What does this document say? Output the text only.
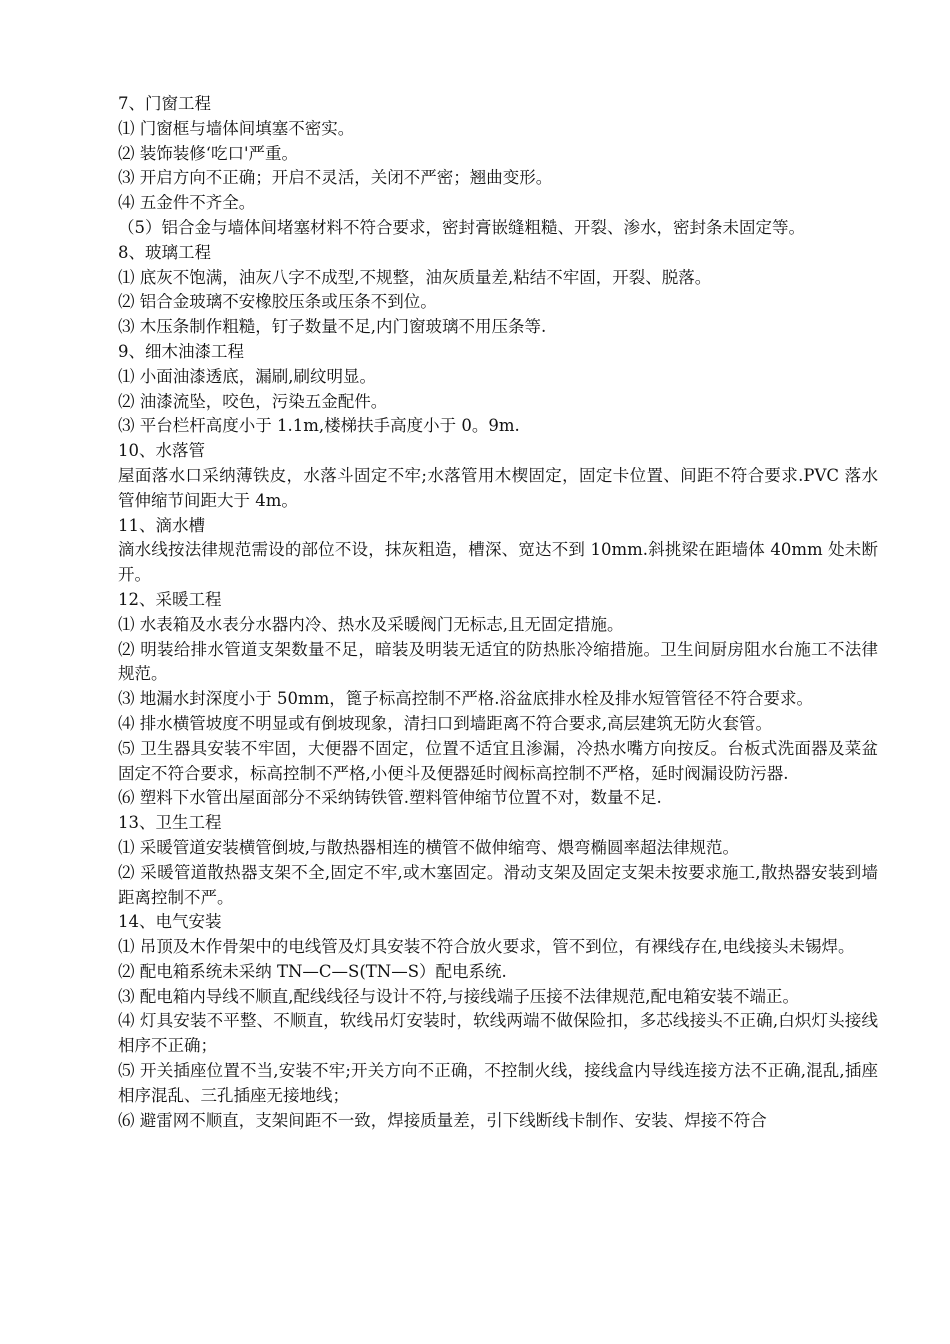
7、门窗工程
⑴ 门窗框与墙体间填塞不密实。
⑵ 装饰装修‘吃口'严重。
⑶ 开启方向不正确；开启不灵活，关闭不严密；翘曲变形。
⑷ 五金件不齐全。
（5）铝合金与墙体间堵塞材料不符合要求，密封膏嵌缝粗糙、开裂、渗水，密封条未固定等。
8、玻璃工程
⑴ 底灰不饱满，油灰八字不成型,不规整，油灰质量差,粘结不牢固，开裂、脱落。
⑵ 铝合金玻璃不安橡胶压条或压条不到位。
⑶ 木压条制作粗糙，钉子数量不足,内门窗玻璃不用压条等.
9、细木油漆工程
⑴ 小面油漆透底，漏刷,刷纹明显。
⑵ 油漆流坠，咬色，污染五金配件。
⑶ 平台栏杆高度小于 1.1m,楼梯扶手高度小于 0。9m.
10、水落管
屋面落水口采纳薄铁皮，水落斗固定不牢;水落管用木楔固定，固定卡位置、间距不符合要求.PVC 落水管伸缩节间距大于 4m。
11、滴水槽
滴水线按法律规范需设的部位不设，抹灰粗造，槽深、宽达不到 10mm.斜挑梁在距墙体 40mm 处未断开。
12、采暖工程
⑴ 水表箱及水表分水器内冷、热水及采暖阀门无标志,且无固定措施。
⑵ 明装给排水管道支架数量不足，暗装及明装无适宜的防热胀冷缩措施。卫生间厨房阻水台施工不法律规范。
⑶ 地漏水封深度小于 50mm，篦子标高控制不严格.浴盆底排水栓及排水短管管径不符合要求。
⑷ 排水横管坡度不明显或有倒坡现象，清扫口到墙距离不符合要求,高层建筑无防火套管。
⑸ 卫生器具安装不牢固，大便器不固定，位置不适宜且渗漏，冷热水嘴方向按反。台板式洗面器及菜盆固定不符合要求，标高控制不严格,小便斗及便器延时阀标高控制不严格，延时阀漏设防污器.
⑹ 塑料下水管出屋面部分不采纳铸铁管.塑料管伸缩节位置不对，数量不足.
13、卫生工程
⑴ 采暖管道安装横管倒坡,与散热器相连的横管不做伸缩弯、煨弯椭圆率超法律规范。
⑵ 采暖管道散热器支架不全,固定不牢,或木塞固定。滑动支架及固定支架未按要求施工,散热器安装到墙距离控制不严。
14、电气安装
⑴ 吊顶及木作骨架中的电线管及灯具安装不符合放火要求，管不到位，有裸线存在,电线接头未锡焊。
⑵ 配电箱系统未采纳 TN—C—S(TN—S）配电系统.
⑶ 配电箱内导线不顺直,配线线径与设计不符,与接线端子压接不法律规范,配电箱安装不端正。
⑷ 灯具安装不平整、不顺直，软线吊灯安装时，软线两端不做保险扣，多芯线接头不正确,白炽灯头接线相序不正确；
⑸ 开关插座位置不当,安装不牢;开关方向不正确，不控制火线，接线盒内导线连接方法不正确,混乱,插座相序混乱、三孔插座无接地线；
⑹ 避雷网不顺直，支架间距不一致，焊接质量差，引下线断线卡制作、安装、焊接不符合
